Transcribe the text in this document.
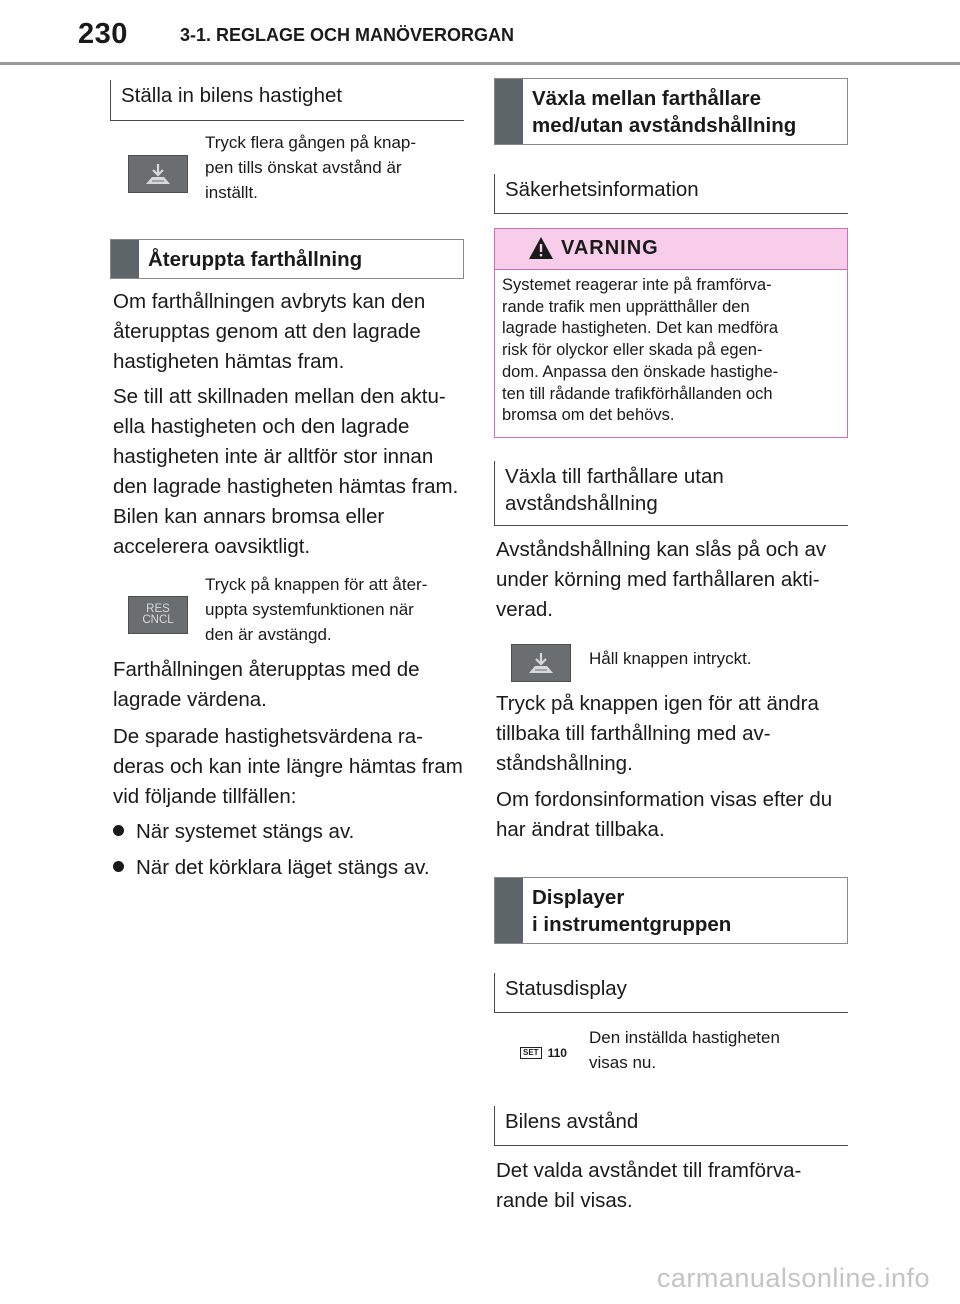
230	3-1. REGLAGE OCH MANÖVERORGAN
Ställa in bilens hastighet
Tryck flera gången på knap-
pen tills önskat avstånd är
inställt.
Återuppta farthållning
Om farthållningen avbryts kan den återupptas genom att den lagrade hastigheten hämtas fram.
Se till att skillnaden mellan den aktu-ella hastigheten och den lagrade hastigheten inte är alltför stor innan den lagrade hastigheten hämtas fram. Bilen kan annars bromsa eller accelerera oavsiktligt.
RES
CNCL
Tryck på knappen för att åter-
uppta systemfunktionen när
den är avstängd.
Farthållningen återupptas med de lagrade värdena.
De sparade hastighetsvärdena ra-deras och kan inte längre hämtas fram vid följande tillfällen:
När systemet stängs av.
När det körklara läget stängs av.
Växla mellan farthållare med/utan avståndshållning
Säkerhetsinformation
VARNING
Systemet reagerar inte på framförva-
rande trafik men upprätthåller den
lagrade hastigheten. Det kan medföra
risk för olyckor eller skada på egen-
dom. Anpassa den önskade hastighe-
ten till rådande trafikförhållanden och
bromsa om det behövs.
Växla till farthållare utan avståndshållning
Avståndshållning kan slås på och av under körning med farthållaren akti-verad.
Håll knappen intryckt.
Tryck på knappen igen för att ändra tillbaka till farthållning med av-ståndshållning.
Om fordonsinformation visas efter du har ändrat tillbaka.
Displayer
i instrumentgruppen
Statusdisplay
SET 110
Den inställda hastigheten
visas nu.
Bilens avstånd
Det valda avståndet till framförva-rande bil visas.
carmanualsonline.info
